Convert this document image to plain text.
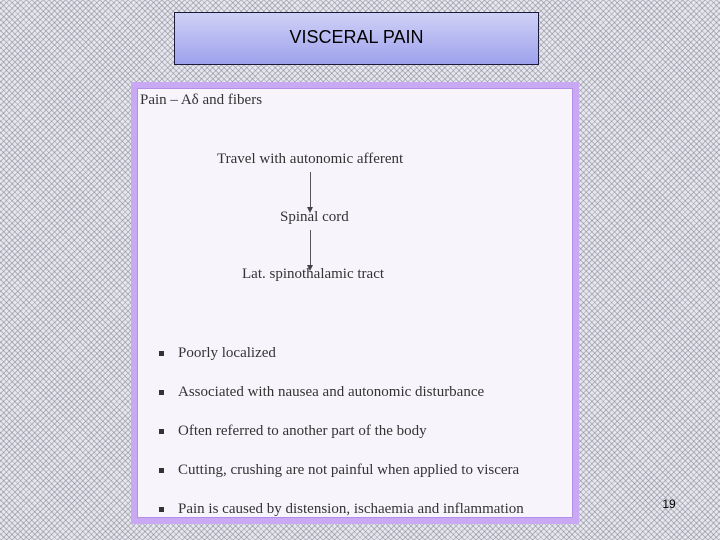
VISCERAL PAIN
Pain – Aδ and fibers
Travel with autonomic afferent
Spinal cord
Lat. spinothalamic tract
Poorly localized
Associated with nausea and autonomic disturbance
Often referred to another part of the body
Cutting, crushing are not painful when applied to viscera
Pain is caused by distension, ischaemia and inflammation	19
